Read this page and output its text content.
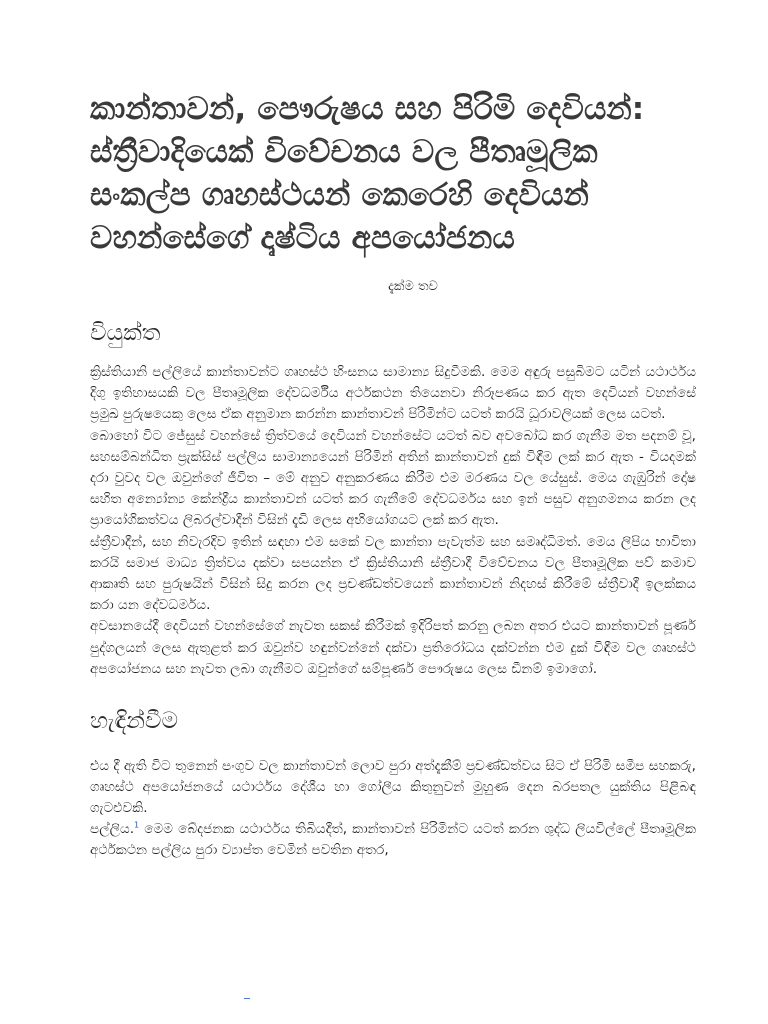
කාන්තාවන්, පෞරුෂය සහ පිරිමි දෙවියන්: ස්ත්‍රීවාදියෙක් විවේචනය වල පීතෘමූලික සංකල්ප ගෘහස්ථයන් කෙරෙහි දෙවියන් වහන්සේගේ දෘෂ්ටිය අපයෝජනය
දැක්ම තව
වියුක්ත

ක්‍රිස්තියානි පල්ලියේ කාන්තාවන්ට ගෘහස්ථ හිංසනය සාමාන්‍ය සිදුවීමකි. මෙම අඳුරු පසුබිමට යටින් යථාර්ථය දිගු ඉතිහාසයකි වල පීතෘමූලික දේවධර්මීය අර්ථකථන තියෙනවා නිරූපණය කර ඇත දෙවියන් වහන්සේ ප්‍රමුඛ පුරුෂයෙකු ලෙස ඒක අනුමාන කරන්න කාන්තාවන් පිරිමින්ට යටත් කරයි ධූරාවලියක් ලෙස යටත්.

බොහෝ විට ජේසුස් වහන්සේ ත්‍රිත්වයේ දෙවියන් වහන්සේට යටත් බව අවබෝධ කර ගැනීම මත පදනම් වූ, සහසම්බන්ධිත ප්‍රැක්සිස් පල්ලිය සාමාන්‍යයෙන් පිරිමින් අතින් කාන්තාවන් දුක් විඳීම ලක් කර ඇත - වියදමක් දරා වුවද වල ඔවුන්ගේ ජීවිත – මේ අනුව අනුකරණය කිරීම එම මරණය වල යේසුස්. මෙය ගැඹුරින් දෝෂ සහිත අන්‍යෝන්‍ය කේන්ද්‍රීය කාන්තාවන් යටත් කර ගැනීමේ දේවධර්මය සහ ඉන් පසුව අනුගමනය කරන ලද ප්‍රායෝගිකත්වය ලිබරල්වාදීන් විසින් දැඩි ලෙස අභියෝගයට ලක් කර ඇත.

ස්ත්‍රීවාදීන්, සහ නිවැරදිව ඉතින් සඳහා එම සකේ වල කාන්තා පැවැත්ම සහ සමෘද්ධිමත්. මෙය ලිපිය භාවිතා කරයි සමාජ මාධ්‍ය ත්‍රිත්වය දක්වා සපයන්න ඒ ක්‍රිස්තියානි ස්ත්‍රීවාදී විවේචනය වල පීතෘමූලික පව් කමාව ආකෘති සහ පුරුෂයින් විසින් සිදු කරන ලද ප්‍රචණ්ඩත්වයෙන් කාන්තාවන් නිදහස් කිරීමේ ස්ත්‍රීවාදී ඉලක්කය කරා යන දේවධර්මය.

අවසානයේදී දෙවියන් වහන්සේගේ නැවත සකස් කිරීමක් ඉදිරිපත් කරනු ලබන අතර එයට කාන්තාවන් පූර්ණ පුද්ගලයන් ලෙස ඇතුළත් කර ඔවුන්ව හඳුන්වන්නේ දක්වා ප්‍රතිරෝධය දක්වන්න එම දුක් විඳීම වල ගෘහස්ථ අපයෝජනය සහ නැවත ලබා ගැනීමට ඔවුන්ගේ සම්පූර්ණ පෞරුෂය ලෙස ඩීනම් ඉමාගෝ.

හැඳින්වීම

එය දී ඇති විට තුනෙන් පංගුව වල කාන්තාවන් ලොව පුරා අත්දැකීම් ප්‍රචණ්ඩත්වය සිට ඒ පිරිමි සමීප සහකරු, ගෘහස්ථ අපයෝජනයේ යථාර්ථය දේශීය හා ගෝලීය කිතුනුවන් මුහුණ දෙන බරපතල යුක්තිය පිළිබඳ ගැටළුවකි.

පල්ලිය.$^1$ මෙම බේදජනක යථාර්ථය තිබියදීත්, කාන්තාවන් පිරිමින්ට යටත් කරන ශුද්ධ ලියවිල්ලේ පීතෘමූලික අර්ථකථන පල්ලිය පුරා ව්‍යාප්ත වෙමින් පවතින අතර,
